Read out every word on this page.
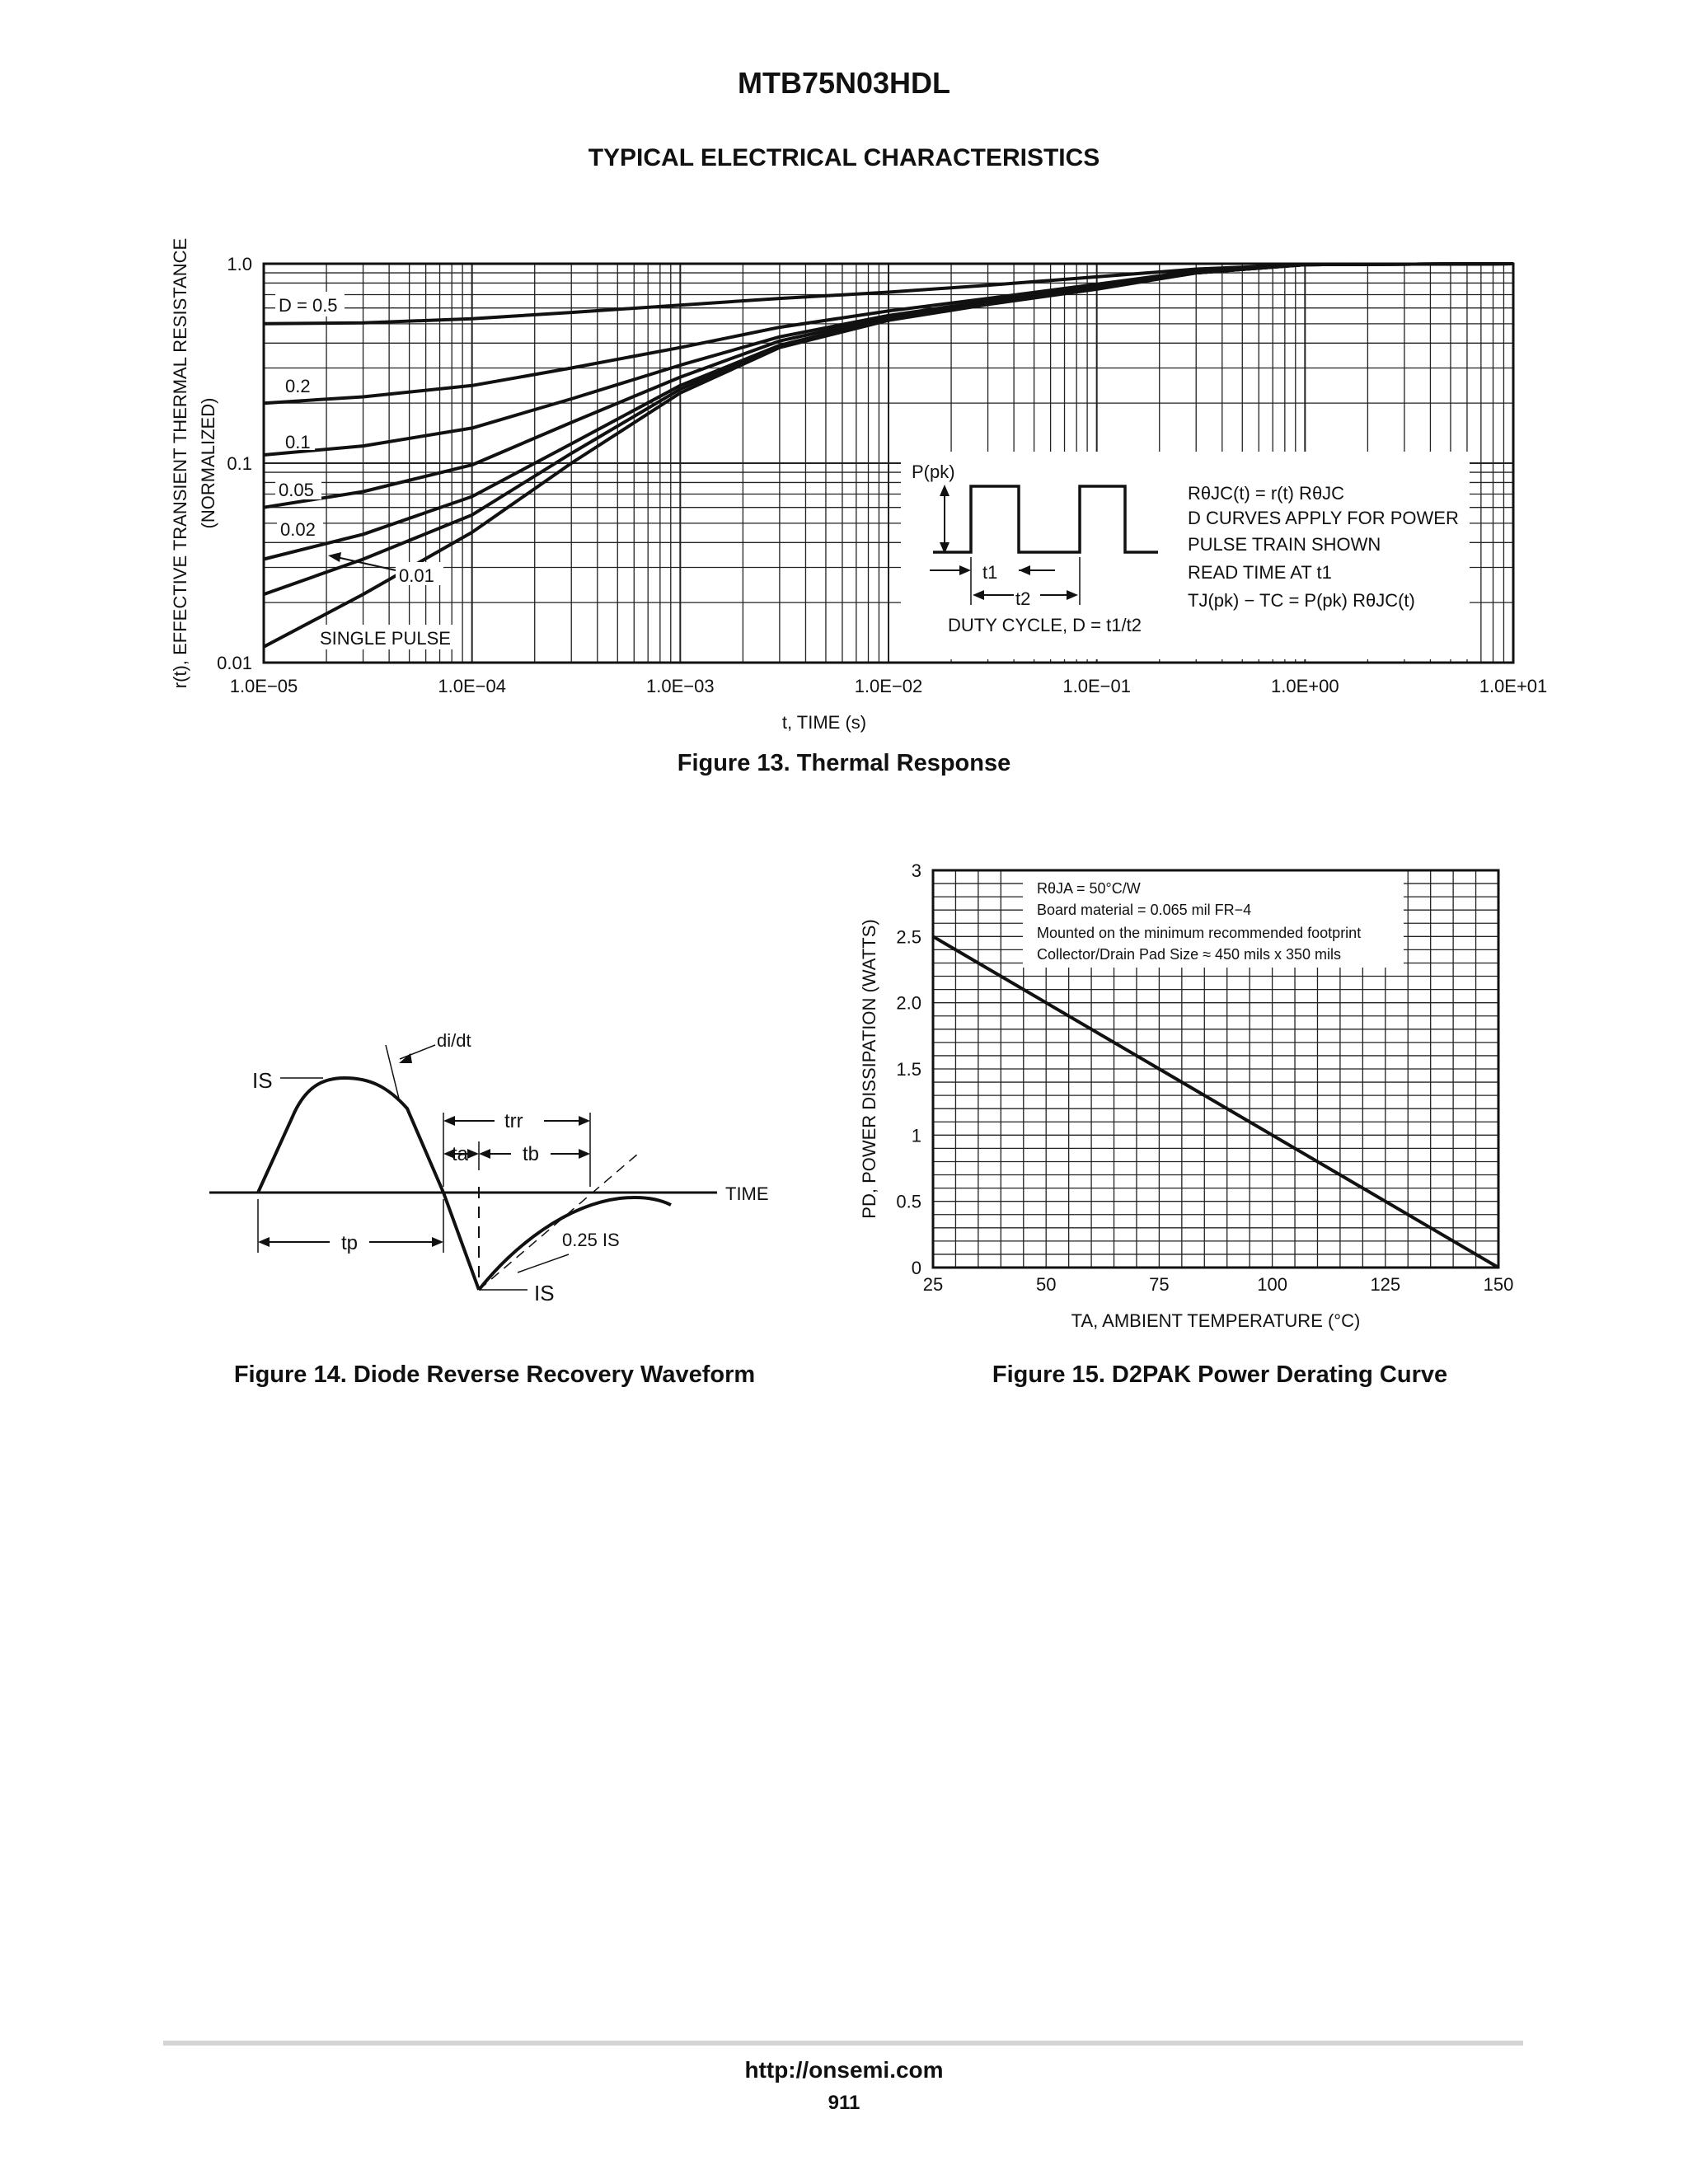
MTB75N03HDL
TYPICAL ELECTRICAL CHARACTERISTICS
P(pk)
t1
t2
DUTY CYCLE, D = t1/t2
RθJC(t) = r(t) RθJC
D CURVES APPLY FOR POWER
PULSE TRAIN SHOWN
READ TIME AT t1
TJ(pk) − TC = P(pk) RθJC(t)
D = 0.5
0.2
0.1
0.05
0.02
0.01
SINGLE PULSE
1.0E−05	1.0E−04	1.0E−03	1.0E−02	1.0E−01	1.0E+00	1.0E+01
0.01
0.1
1.0
t, TIME (s)
r(t), EFFECTIVE TRANSIENT THERMAL RESISTANCE (NORMALIZED)
Figure 13. Thermal Response
IS
di/dt
trr
ta	tb
TIME
tp	0.25 IS
IS
Figure 14. Diode Reverse Recovery Waveform
RθJA = 50°C/W
Board material = 0.065 mil FR−4
Mounted on the minimum recommended footprint
Collector/Drain Pad Size ≈ 450 mils x 350 mils
25	50	75	100	125	150
0
0.5
1
1.5
2.0
2.5
3
TA, AMBIENT TEMPERATURE (°C)
PD, POWER DISSIPATION (WATTS)
Figure 15. D2PAK Power Derating Curve
http://onsemi.com
911
